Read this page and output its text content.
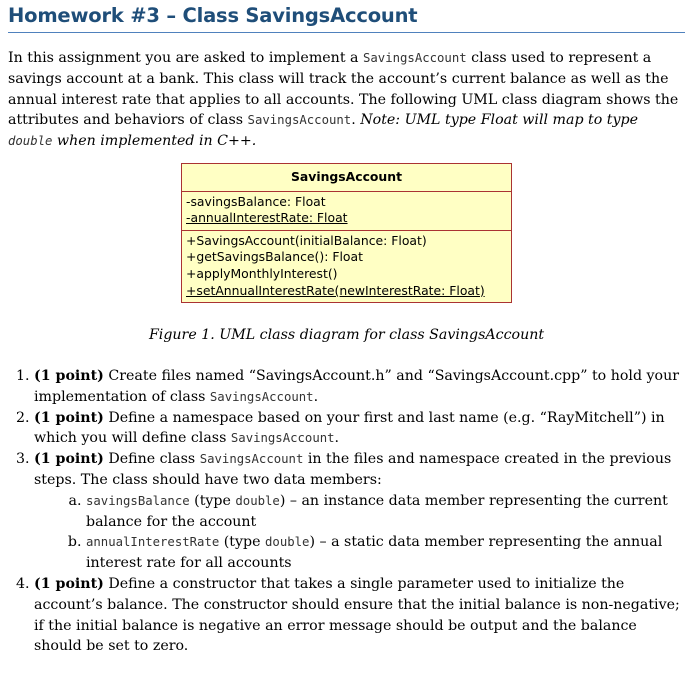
Homework #3 – Class SavingsAccount

In this assignment you are asked to implement a SavingsAccount class used to represent a savings account at a bank. This class will track the account’s current balance as well as the annual interest rate that applies to all accounts. The following UML class diagram shows the attributes and behaviors of class SavingsAccount. Note: UML type Float will map to type double when implemented in C++.

SavingsAccount
-savingsBalance: Float
-annualInterestRate: Float
+SavingsAccount(initialBalance: Float)
+getSavingsBalance(): Float
+applyMonthlyInterest()
+setAnnualInterestRate(newInterestRate: Float)

Figure 1. UML class diagram for class SavingsAccount

1. (1 point) Create files named “SavingsAccount.h” and “SavingsAccount.cpp” to hold your implementation of class SavingsAccount.
2. (1 point) Define a namespace based on your first and last name (e.g. “RayMitchell”) in which you will define class SavingsAccount.
3. (1 point) Define class SavingsAccount in the files and namespace created in the previous steps. The class should have two data members:
a. savingsBalance (type double) – an instance data member representing the current balance for the account
b. annualInterestRate (type double) – a static data member representing the annual interest rate for all accounts
4. (1 point) Define a constructor that takes a single parameter used to initialize the account’s balance. The constructor should ensure that the initial balance is non-negative; if the initial balance is negative an error message should be output and the balance should be set to zero.
